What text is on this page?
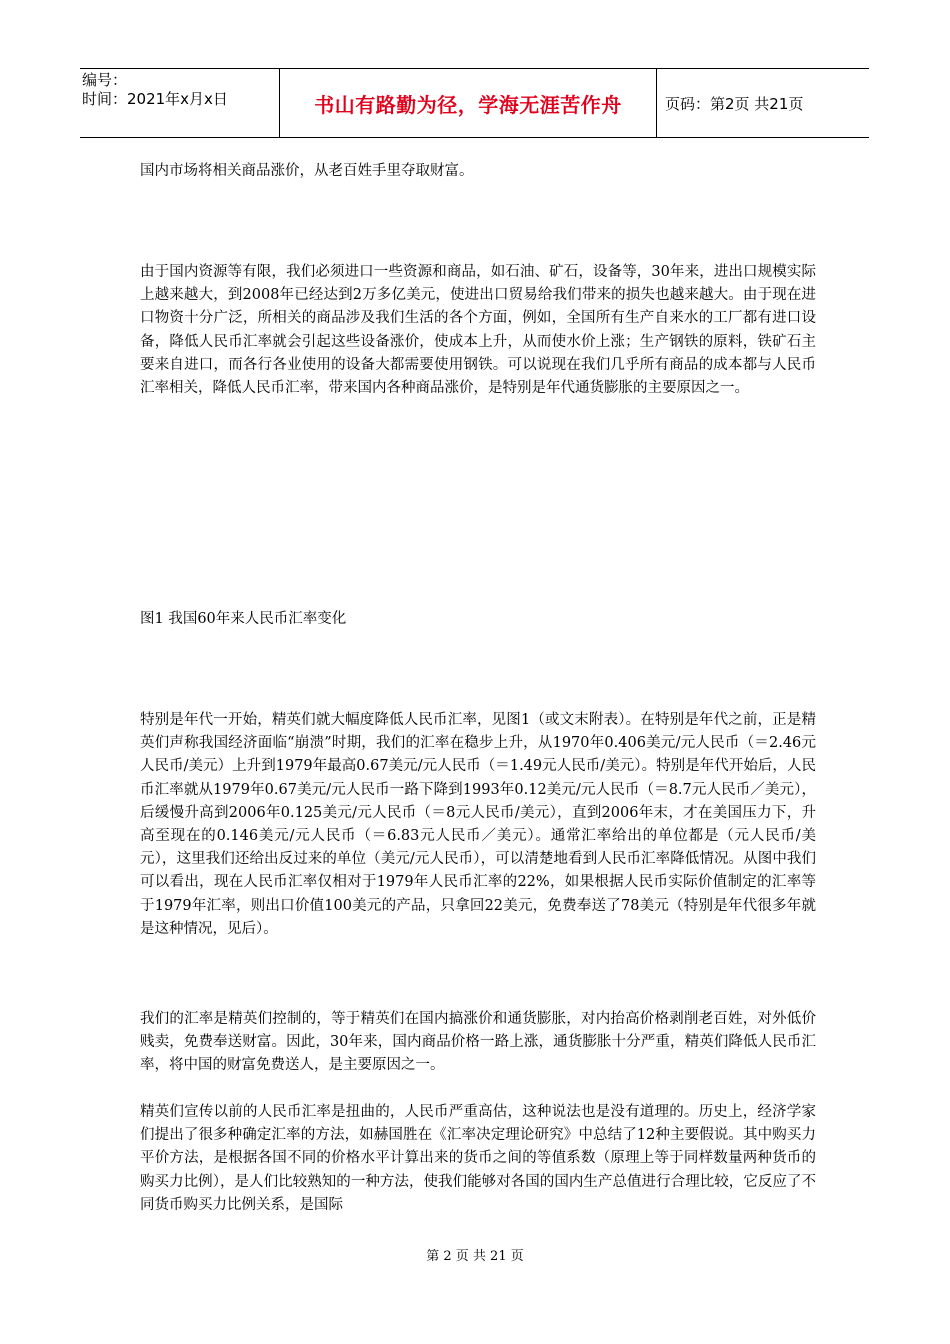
编号：
时间：2021年x月x日	书山有路勤为径，学海无涯苦作舟	页码：第2页 共21页

国内市场将相关商品涨价，从老百姓手里夺取财富。

由于国内资源等有限，我们必须进口一些资源和商品，如石油、矿石，设备等，30年来，进出口规模实际上越来越大，到2008年已经达到2万多亿美元，使进出口贸易给我们带来的损失也越来越大。由于现在进口物资十分广泛，所相关的商品涉及我们生活的各个方面，例如，全国所有生产自来水的工厂都有进口设备，降低人民币汇率就会引起这些设备涨价，使成本上升，从而使水价上涨；生产钢铁的原料，铁矿石主要来自进口，而各行各业使用的设备大都需要使用钢铁。可以说现在我们几乎所有商品的成本都与人民币汇率相关，降低人民币汇率，带来国内各种商品涨价，是特别是年代通货膨胀的主要原因之一。

图1 我国60年来人民币汇率变化

特别是年代一开始，精英们就大幅度降低人民币汇率，见图1（或文末附表）。在特别是年代之前，正是精英们声称我国经济面临“崩溃”时期，我们的汇率在稳步上升，从1970年0.406美元/元人民币（＝2.46元人民币/美元）上升到1979年最高0.67美元/元人民币（＝1.49元人民币/美元）。特别是年代开始后，人民币汇率就从1979年0.67美元/元人民币一路下降到1993年0.12美元/元人民币（＝8.7元人民币／美元），后缓慢升高到2006年0.125美元/元人民币（＝8元人民币/美元），直到2006年末，才在美国压力下，升高至现在的0.146美元/元人民币（＝6.83元人民币／美元）。通常汇率给出的单位都是（元人民币/美元），这里我们还给出反过来的单位（美元/元人民币），可以清楚地看到人民币汇率降低情况。从图中我们可以看出，现在人民币汇率仅相对于1979年人民币汇率的22%，如果根据人民币实际价值制定的汇率等于1979年汇率，则出口价值100美元的产品，只拿回22美元，免费奉送了78美元（特别是年代很多年就是这种情况，见后）。

我们的汇率是精英们控制的，等于精英们在国内搞涨价和通货膨胀，对内抬高价格剥削老百姓，对外低价贱卖，免费奉送财富。因此，30年来，国内商品价格一路上涨，通货膨胀十分严重，精英们降低人民币汇率，将中国的财富免费送人，是主要原因之一。

精英们宣传以前的人民币汇率是扭曲的，人民币严重高估，这种说法也是没有道理的。历史上，经济学家们提出了很多种确定汇率的方法，如赫国胜在《汇率决定理论研究》中总结了12种主要假说。其中购买力平价方法，是根据各国不同的价格水平计算出来的货币之间的等值系数（原理上等于同样数量两种货币的购买力比例），是人们比较熟知的一种方法，使我们能够对各国的国内生产总值进行合理比较，它反应了不同货币购买力比例关系，是国际

第 2 页 共 21 页
